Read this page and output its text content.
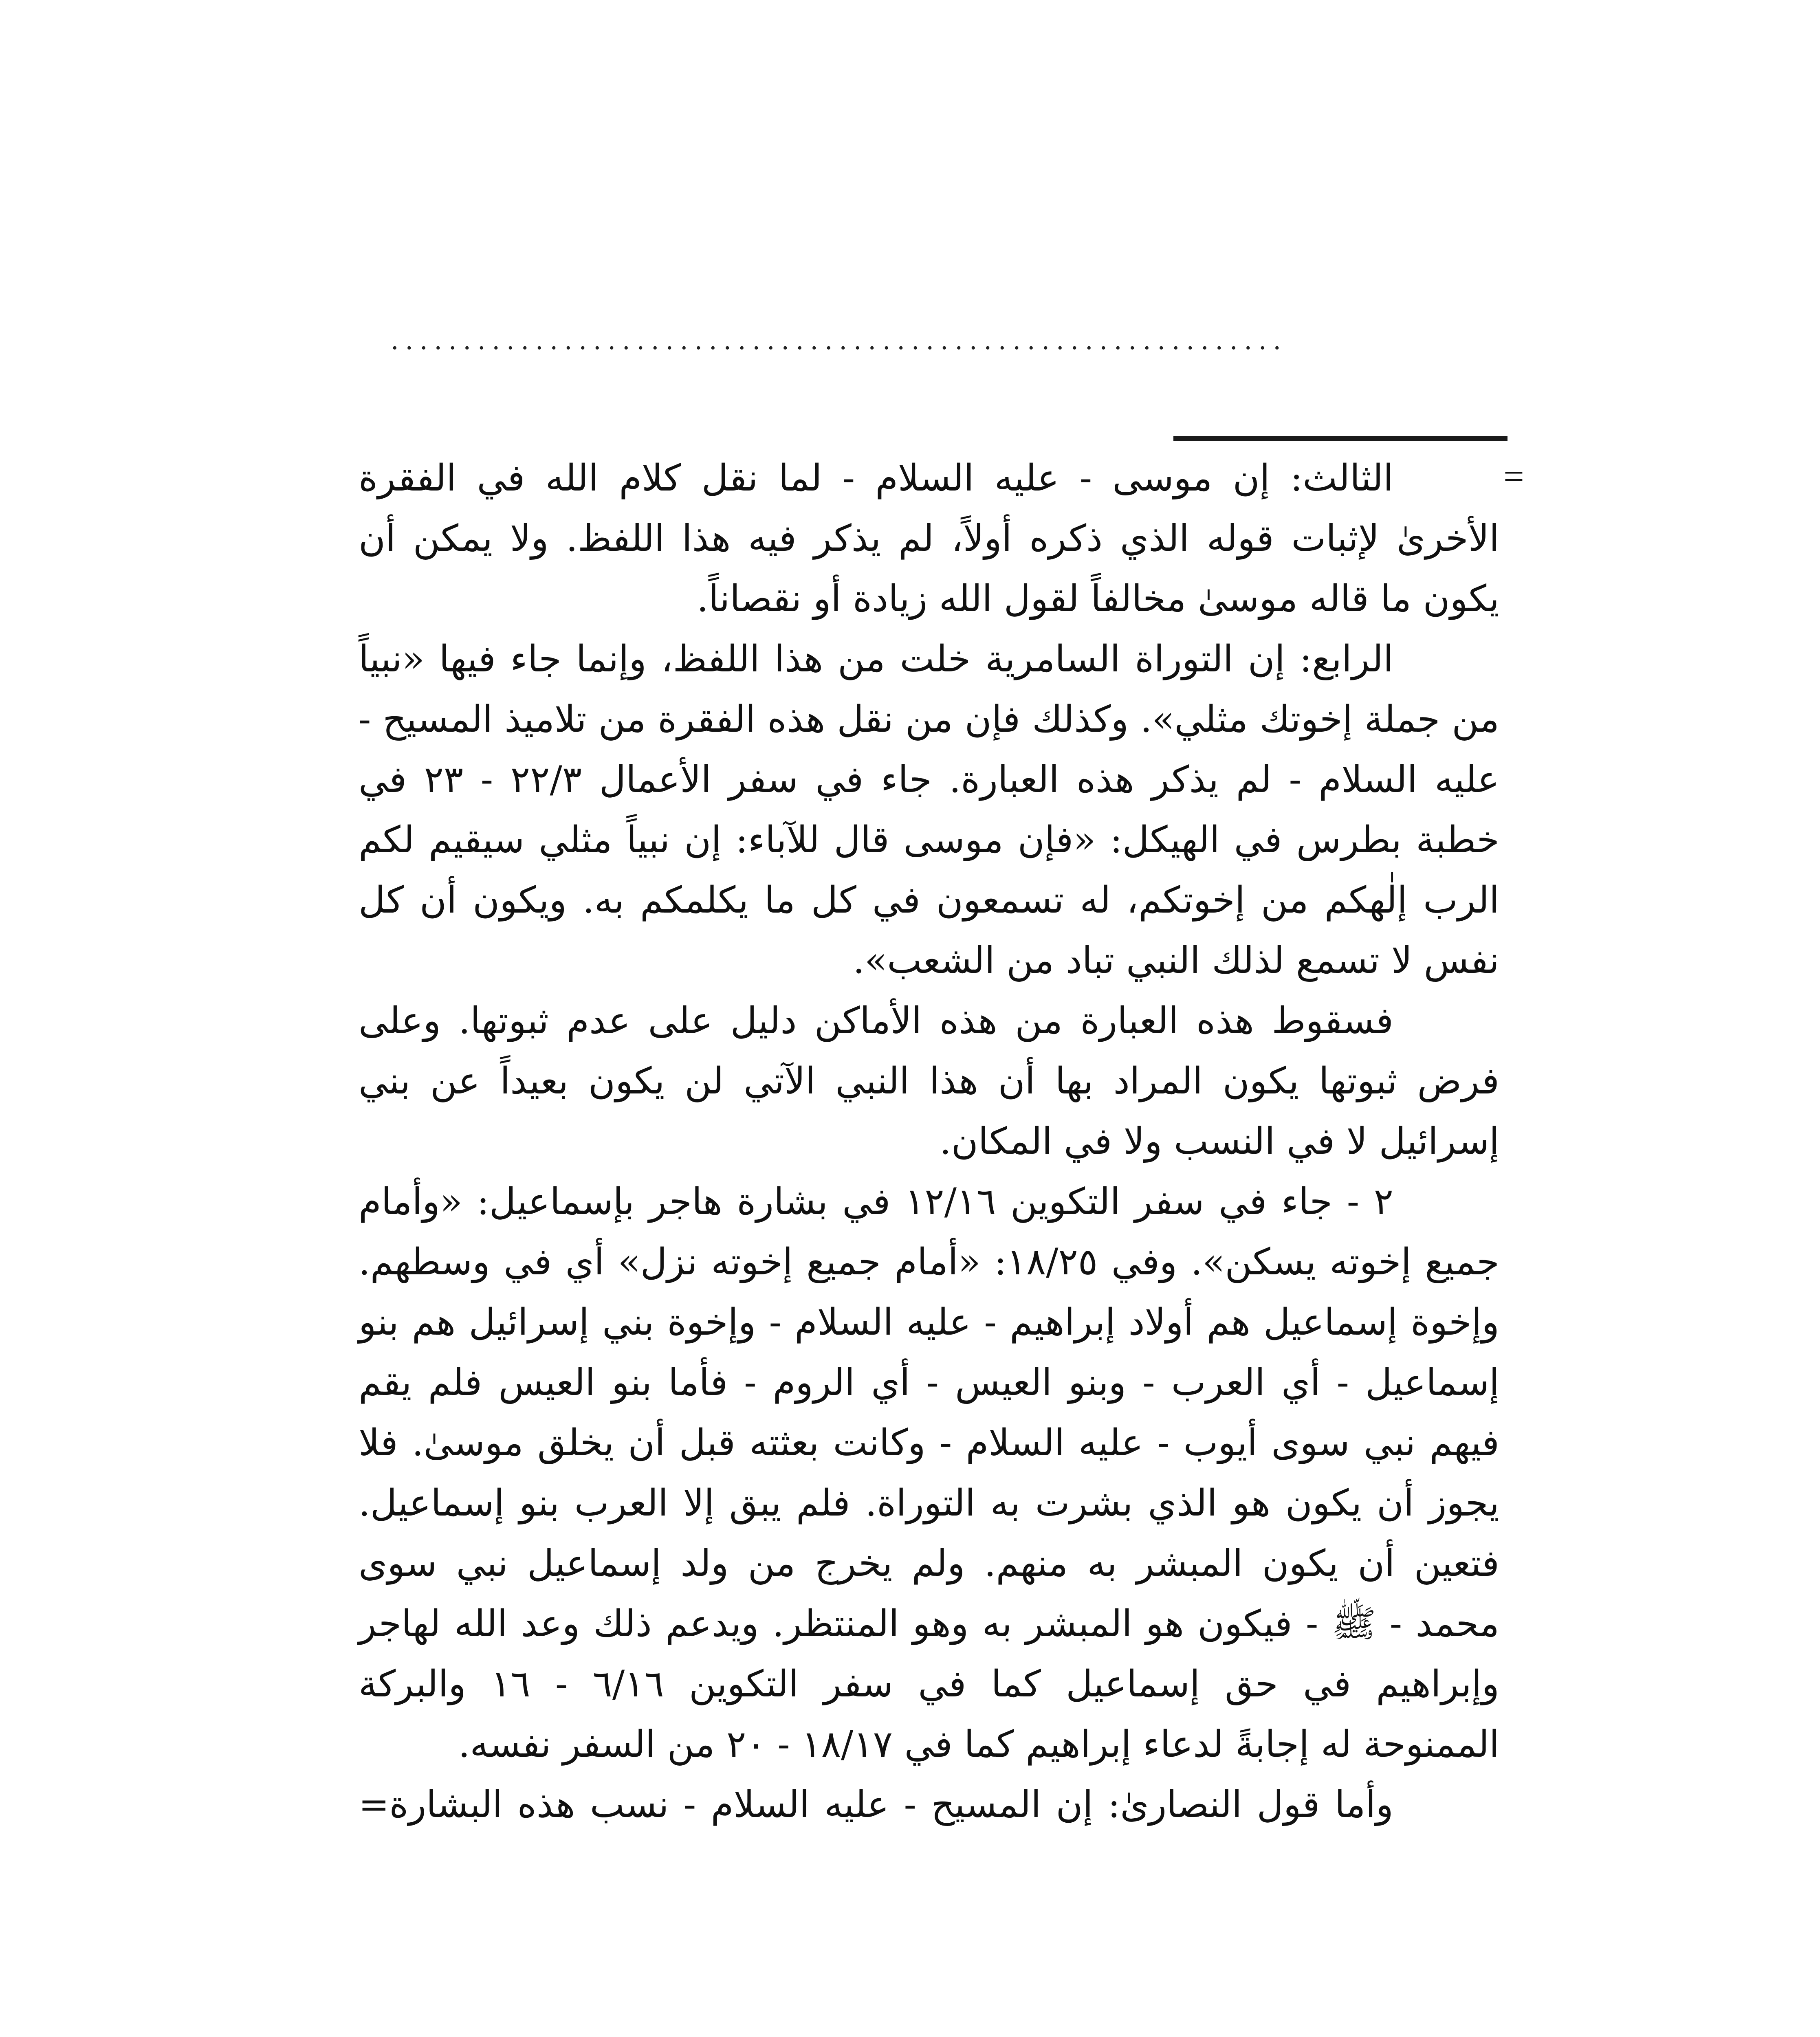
..............................................................
=

الثالث: إن موسى - عليه السلام - لما نقل كلام الله في الفقرة الأخرىٰ لإثبات قوله الذي ذكره أولاً، لم يذكر فيه هذا اللفظ. ولا يمكن أن يكون ما قاله موسىٰ مخالفاً لقول الله زيادة أو نقصاناً.

الرابع: إن التوراة السامرية خلت من هذا اللفظ، وإنما جاء فيها «نبياً من جملة إخوتك مثلي». وكذلك فإن من نقل هذه الفقرة من تلاميذ المسيح - عليه السلام - لم يذكر هذه العبارة. جاء في سفر الأعمال ٢٢/٣ - ٢٣ في خطبة بطرس في الهيكل: «فإن موسى قال للآباء: إن نبياً مثلي سيقيم لكم الرب إلٰهكم من إخوتكم، له تسمعون في كل ما يكلمكم به. ويكون أن كل نفس لا تسمع لذلك النبي تباد من الشعب».

فسقوط هذه العبارة من هذه الأماكن دليل على عدم ثبوتها. وعلى فرض ثبوتها يكون المراد بها أن هذا النبي الآتي لن يكون بعيداً عن بني إسرائيل لا في النسب ولا في المكان.

٢ - جاء في سفر التكوين ١٢/١٦ في بشارة هاجر بإسماعيل: «وأمام جميع إخوته يسكن». وفي ١٨/٢٥: «أمام جميع إخوته نزل» أي في وسطهم. وإخوة إسماعيل هم أولاد إبراهيم - عليه السلام - وإخوة بني إسرائيل هم بنو إسماعيل - أي العرب - وبنو العيس - أي الروم - فأما بنو العيس فلم يقم فيهم نبي سوى أيوب - عليه السلام - وكانت بعثته قبل أن يخلق موسىٰ. فلا يجوز أن يكون هو الذي بشرت به التوراة. فلم يبق إلا العرب بنو إسماعيل. فتعين أن يكون المبشر به منهم. ولم يخرج من ولد إسماعيل نبي سوى محمد - ﷺ - فيكون هو المبشر به وهو المنتظر. ويدعم ذلك وعد الله لهاجر وإبراهيم في حق إسماعيل كما في سفر التكوين ٦/١٦ - ١٦ والبركة الممنوحة له إجابةً لدعاء إبراهيم كما في ١٨/١٧ - ٢٠ من السفر نفسه.

وأما قول النصارىٰ: إن المسيح - عليه السلام - نسب هذه البشارة=
